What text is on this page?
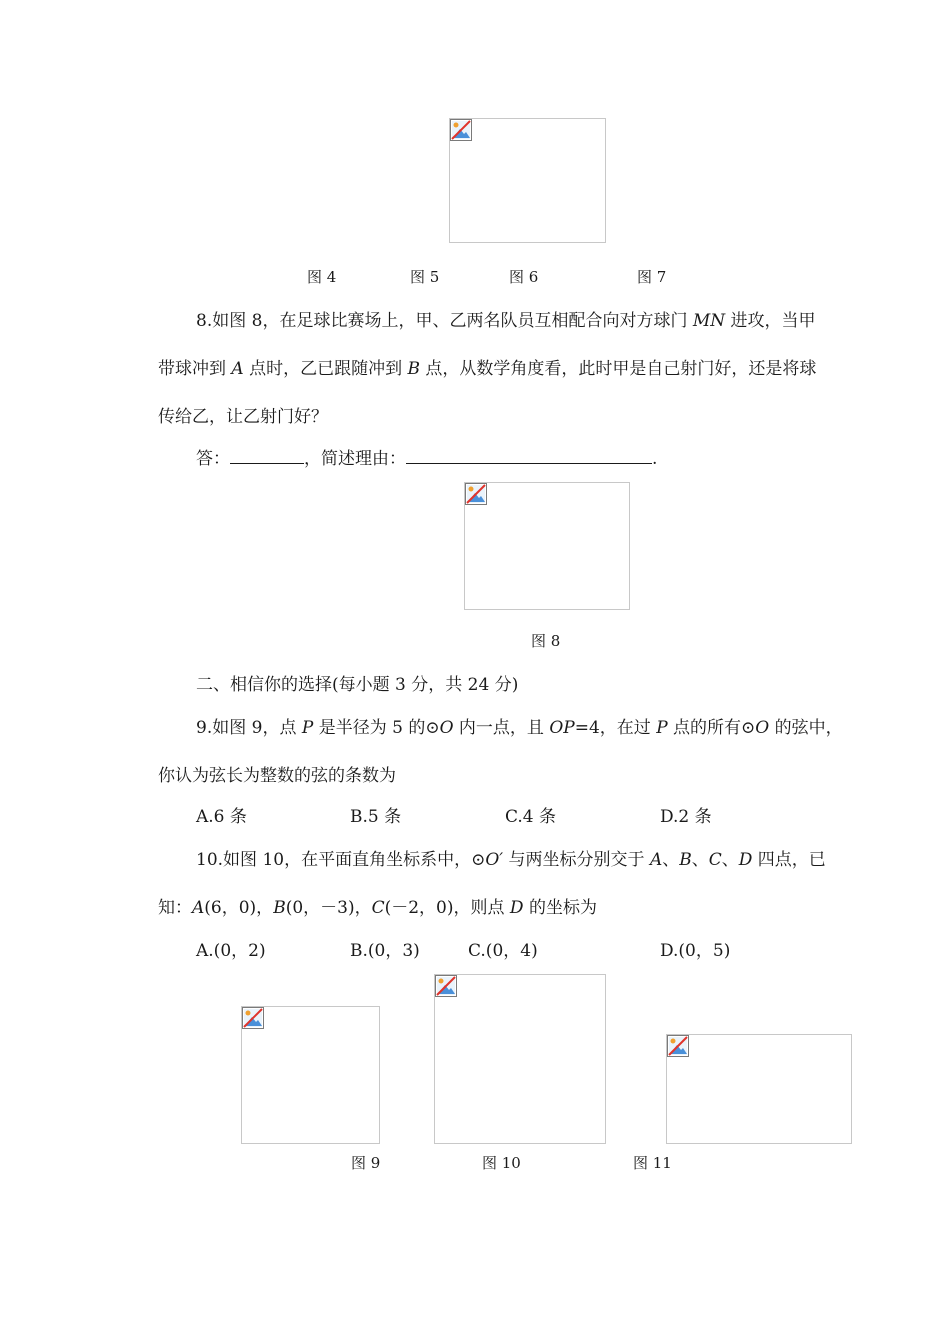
图 4	图 5	图 6	图 7
8.如图 8，在足球比赛场上，甲、乙两名队员互相配合向对方球门 MN 进攻，当甲
带球冲到 A 点时，乙已跟随冲到 B 点，从数学角度看，此时甲是自己射门好，还是将球
传给乙，让乙射门好？
答：	，简述理由：	.
图 8
二、相信你的选择(每小题 3 分，共 24 分)
9.如图 9，点 P 是半径为 5 的⊙O 内一点，且 OP=4，在过 P 点的所有⊙O 的弦中，
你认为弦长为整数的弦的条数为
A.6 条	B.5 条	C.4 条	D.2 条
10.如图 10，在平面直角坐标系中，⊙O′ 与两坐标分别交于 A、B、C、D 四点，已
知：A(6，0)，B(0，－3)，C(－2，0)，则点 D 的坐标为
A.(0，2)	B.(0，3)	C.(0，4)	D.(0，5)
图 9	图 10	图 11
